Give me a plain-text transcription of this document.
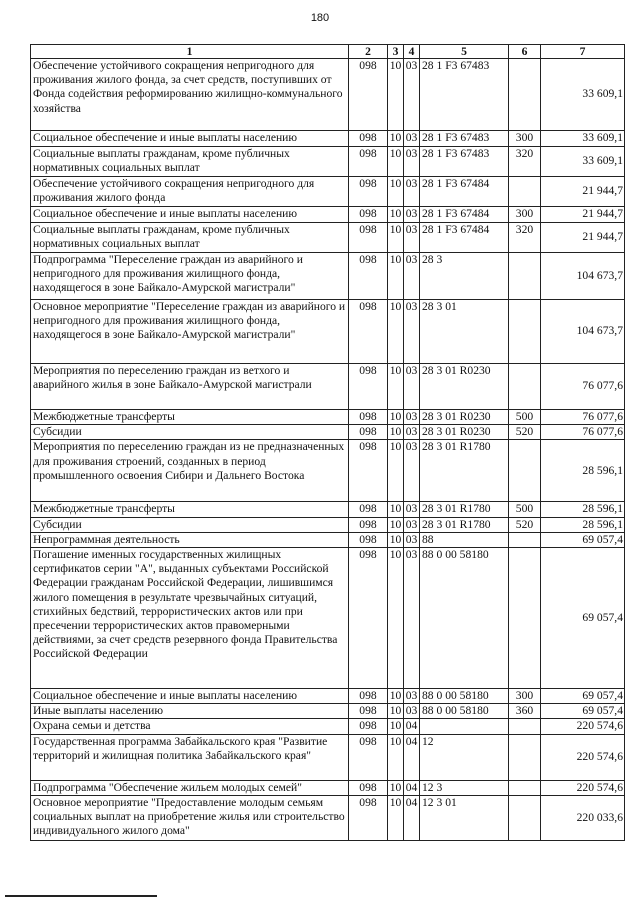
180
1	2	3	4	5	6	7
Обеспечение устойчивого сокращения непригодного для проживания жилого фонда, за счет средств, поступивших от Фонда содействия реформированию жилищно-коммунального хозяйства	098	10	03	28 1 F3 67483		33 609,1
Социальное обеспечение и иные выплаты населению	098	10	03	28 1 F3 67483	300	33 609,1
Социальные выплаты гражданам, кроме публичных нормативных социальных выплат	098	10	03	28 1 F3 67483	320	33 609,1
Обеспечение устойчивого сокращения непригодного для проживания жилого фонда	098	10	03	28 1 F3 67484		21 944,7
Социальное обеспечение и иные выплаты населению	098	10	03	28 1 F3 67484	300	21 944,7
Социальные выплаты гражданам, кроме публичных нормативных социальных выплат	098	10	03	28 1 F3 67484	320	21 944,7
Подпрограмма "Переселение граждан из аварийного и непригодного для проживания жилищного фонда, находящегося в зоне Байкало-Амурской магистрали"	098	10	03	28 3		104 673,7
Основное мероприятие "Переселение граждан из аварийного и непригодного для проживания жилищного фонда, находящегося в зоне Байкало-Амурской магистрали"	098	10	03	28 3 01		104 673,7
Мероприятия по переселению граждан из ветхого и аварийного жилья в зоне Байкало-Амурской магистрали	098	10	03	28 3 01 R0230		76 077,6
Межбюджетные трансферты	098	10	03	28 3 01 R0230	500	76 077,6
Субсидии	098	10	03	28 3 01 R0230	520	76 077,6
Мероприятия по переселению граждан из не предназначенных для проживания строений, созданных в период промышленного освоения Сибири и Дальнего Востока	098	10	03	28 3 01 R1780		28 596,1
Межбюджетные трансферты	098	10	03	28 3 01 R1780	500	28 596,1
Субсидии	098	10	03	28 3 01 R1780	520	28 596,1
Непрограммная деятельность	098	10	03	88		69 057,4
Погашение именных государственных жилищных сертификатов серии "А", выданных субъектами Российской Федерации гражданам Российской Федерации, лишившимся жилого помещения в результате чрезвычайных ситуаций, стихийных бедствий, террористических актов или при пресечении террористических актов правомерными действиями, за счет средств резервного фонда Правительства Российской Федерации	098	10	03	88 0 00 58180		69 057,4
Социальное обеспечение и иные выплаты населению	098	10	03	88 0 00 58180	300	69 057,4
Иные выплаты населению	098	10	03	88 0 00 58180	360	69 057,4
Охрана семьи и детства	098	10	04			220 574,6
Государственная программа Забайкальского края "Развитие территорий и жилищная политика Забайкальского края"	098	10	04	12		220 574,6
Подпрограмма "Обеспечение жильем молодых семей"	098	10	04	12 3		220 574,6
Основное мероприятие "Предоставление молодым семьям социальных выплат на приобретение жилья или строительство индивидуального жилого дома"	098	10	04	12 3 01		220 033,6
